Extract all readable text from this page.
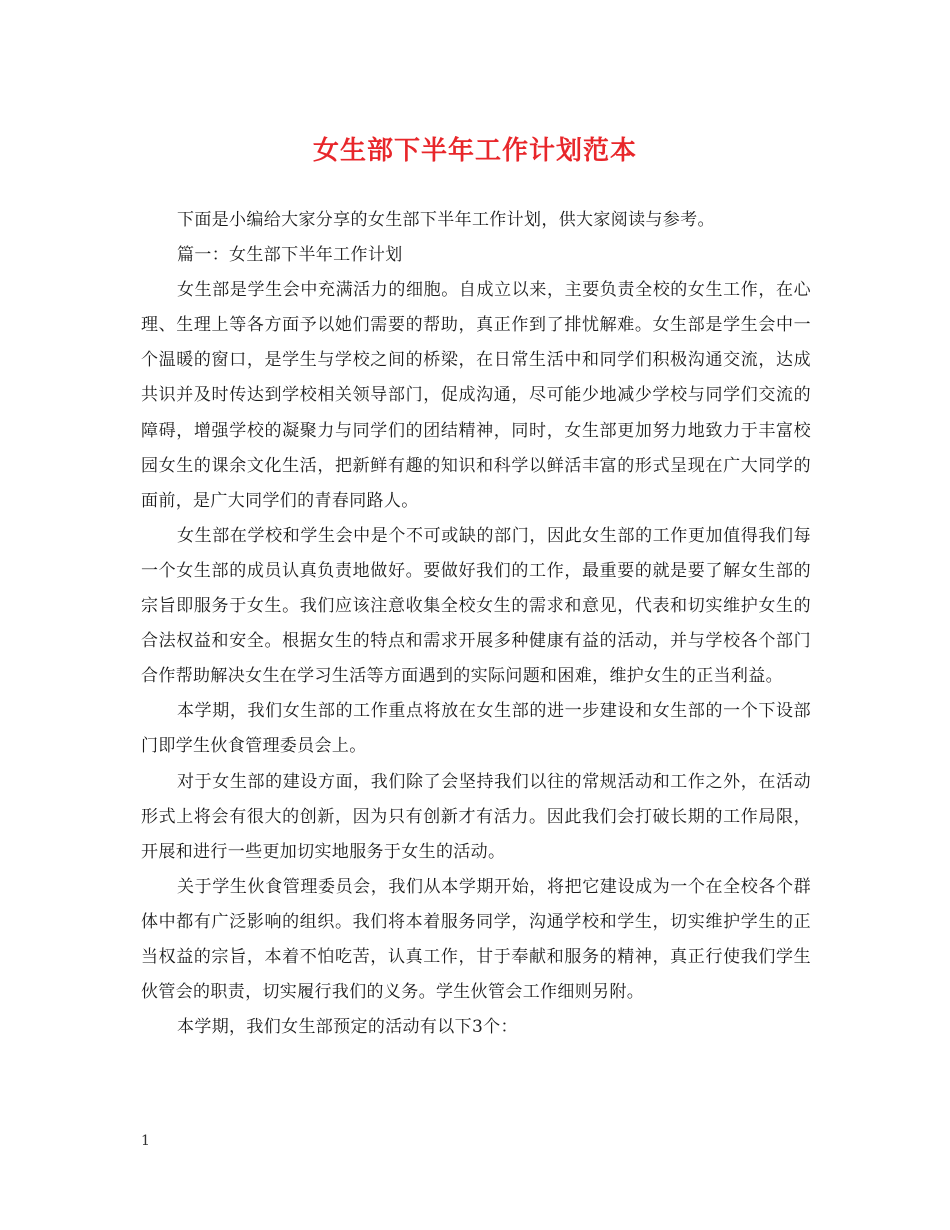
女生部下半年工作计划范本

下面是小编给大家分享的女生部下半年工作计划，供大家阅读与参考。

篇一：女生部下半年工作计划

女生部是学生会中充满活力的细胞。自成立以来，主要负责全校的女生工作，在心理、生理上等各方面予以她们需要的帮助，真正作到了排忧解难。女生部是学生会中一个温暖的窗口，是学生与学校之间的桥梁，在日常生活中和同学们积极沟通交流，达成共识并及时传达到学校相关领导部门，促成沟通，尽可能少地减少学校与同学们交流的障碍，增强学校的凝聚力与同学们的团结精神，同时，女生部更加努力地致力于丰富校园女生的课余文化生活，把新鲜有趣的知识和科学以鲜活丰富的形式呈现在广大同学的面前，是广大同学们的青春同路人。

女生部在学校和学生会中是个不可或缺的部门，因此女生部的工作更加值得我们每一个女生部的成员认真负责地做好。要做好我们的工作，最重要的就是要了解女生部的宗旨即服务于女生。我们应该注意收集全校女生的需求和意见，代表和切实维护女生的合法权益和安全。根据女生的特点和需求开展多种健康有益的活动，并与学校各个部门合作帮助解决女生在学习生活等方面遇到的实际问题和困难，维护女生的正当利益。

本学期，我们女生部的工作重点将放在女生部的进一步建设和女生部的一个下设部门即学生伙食管理委员会上。

对于女生部的建设方面，我们除了会坚持我们以往的常规活动和工作之外，在活动形式上将会有很大的创新，因为只有创新才有活力。因此我们会打破长期的工作局限，开展和进行一些更加切实地服务于女生的活动。

关于学生伙食管理委员会，我们从本学期开始，将把它建设成为一个在全校各个群体中都有广泛影响的组织。我们将本着服务同学，沟通学校和学生，切实维护学生的正当权益的宗旨，本着不怕吃苦，认真工作，甘于奉献和服务的精神，真正行使我们学生伙管会的职责，切实履行我们的义务。学生伙管会工作细则另附。

本学期，我们女生部预定的活动有以下3个：

1
